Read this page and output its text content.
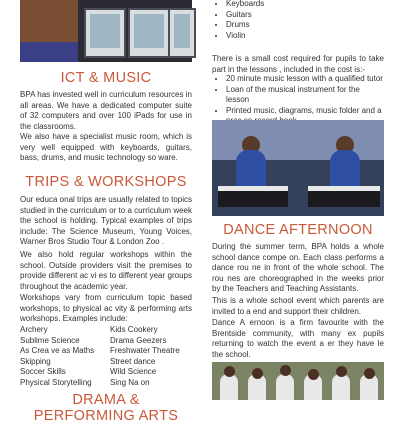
ICT & MUSIC

BPA has invested well in curriculum resources in all areas. We have a dedicated computer suite of 32 computers and over 100 iPads for use in the classrooms.

We also have a specialist music room, which is very well equipped with keyboards, guitars, bass, drums, and music technology so ware.

TRIPS & WORKSHOPS

Our educa onal trips are usually related to topics studied in the curriculum or to a curriculum week the school is holding. Typical examples of trips include: The Science Museum, Young Voices, Warner Bros Studio Tour & London Zoo .

We also hold regular workshops within the school. Outside providers visit the premises to provide different ac vi es to different year groups throughout the academic year.

Workshops vary from curriculum topic based workshops, to physical ac vity & performing arts workshops. Examples include:

Archery
Sublime Science
As Crea ve as Maths
Skipping
Soccer Skills
Physical Storytelling
Kids Cookery
Drama Geezers
Freshwater Theatre
Street dance
Wild Science
Sing Na on
DRAMA & PERFORMING ARTS
• Keyboards
• Guitars
• Drums
• Violin

There is a small cost required for pupils to take part in the lessons , included in the cost is:-

• 20 minute music lesson with a qualified tutor
• Loan of the musical instrument for the lesson
• Printed music, diagrams, music folder and a
DANCE AFTERNOON

During the summer term, BPA holds a whole school dance compe on. Each class performs a dance rou ne in front of the whole school. The rou nes are choreographed in the weeks prior by the Teachers and Teaching Assistants.

This is a whole school event which parents are invited to a end and support their children.

Dance A ernoon is a firm favourite with the Brentside community, with many ex pupils returning to watch the event a er they have le the school.
